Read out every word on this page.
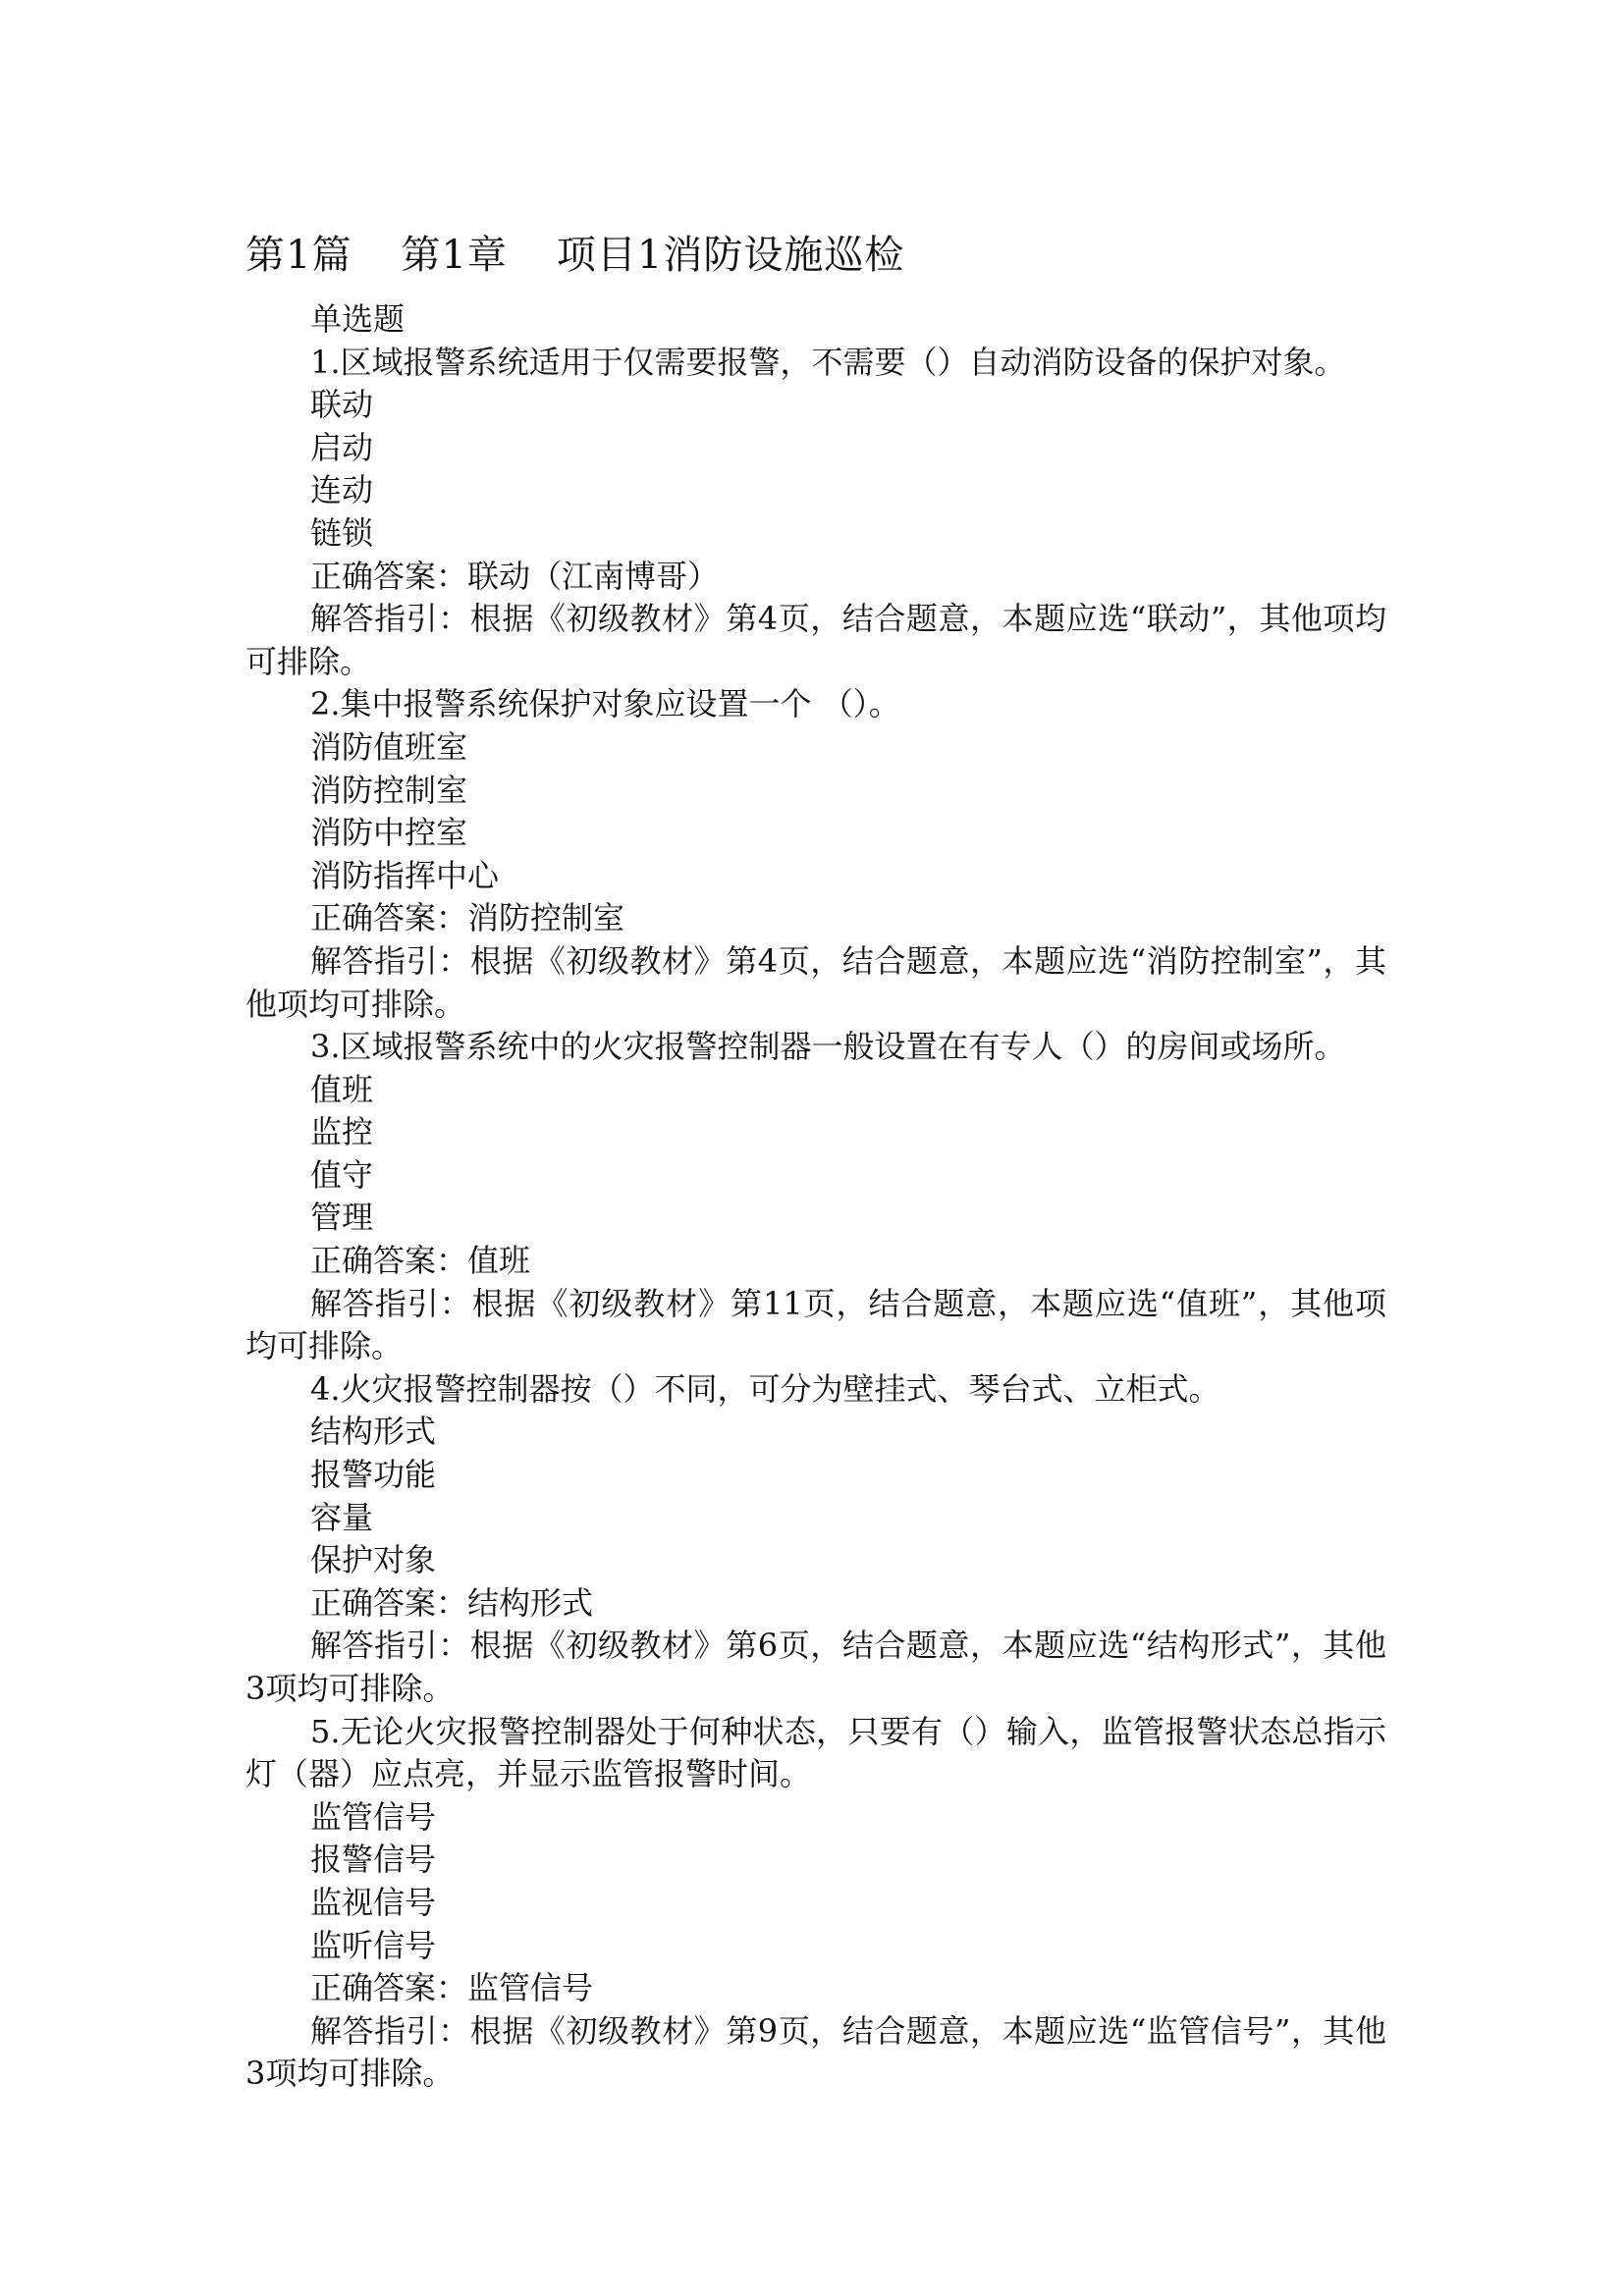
第1篇 第1章 项目1消防设施巡检
单选题

1.区域报警系统适用于仅需要报警，不需要（）自动消防设备的保护对象。

联动
启动
连动
链锁
正确答案：联动（江南博哥）

解答指引：根据《初级教材》第4页，结合题意，本题应选“联动”，其他项均可排除。

2.集中报警系统保护对象应设置一个 （）。

消防值班室
消防控制室
消防中控室
消防指挥中心
正确答案：消防控制室

解答指引：根据《初级教材》第4页，结合题意，本题应选“消防控制室”，其他项均可排除。

3.区域报警系统中的火灾报警控制器一般设置在有专人（）的房间或场所。

值班
监控
值守
管理
正确答案：值班

解答指引：根据《初级教材》第11页，结合题意，本题应选“值班”，其他项均可排除。

4.火灾报警控制器按（）不同，可分为壁挂式、琴台式、立柜式。

结构形式
报警功能
容量
保护对象
正确答案：结构形式

解答指引：根据《初级教材》第6页，结合题意，本题应选“结构形式”，其他3项均可排除。

5.无论火灾报警控制器处于何种状态，只要有（）输入，监管报警状态总指示灯（器）应点亮，并显示监管报警时间。

监管信号
报警信号
监视信号
监听信号
正确答案：监管信号

解答指引：根据《初级教材》第9页，结合题意，本题应选“监管信号”，其他3项均可排除。
